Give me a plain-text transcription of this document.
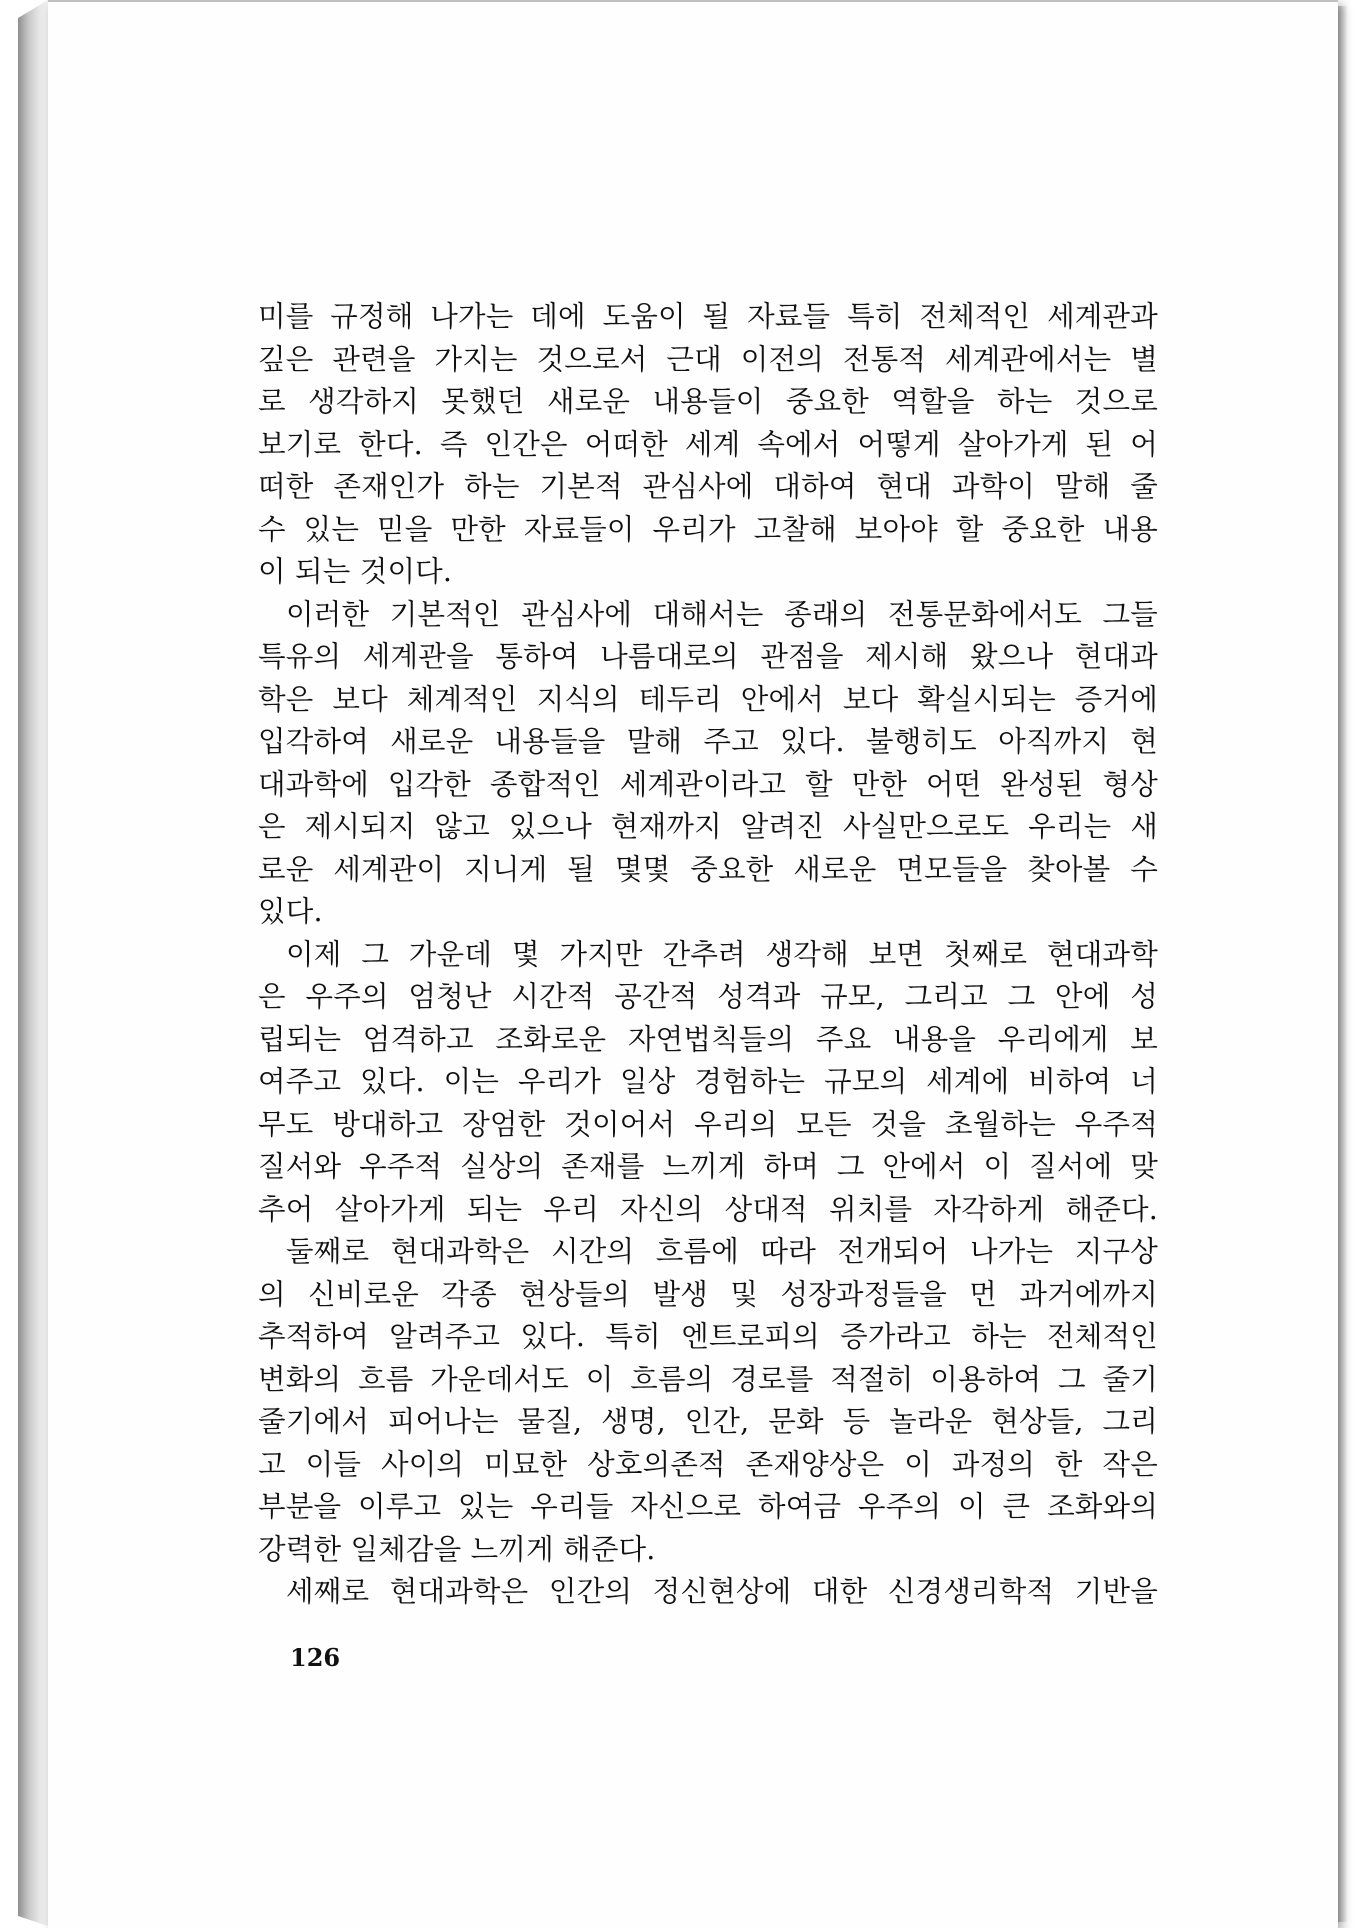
미를 규정해 나가는 데에 도움이 될 자료들 특히 전체적인 세계관과
깊은 관련을 가지는 것으로서 근대 이전의 전통적 세계관에서는 별
로 생각하지 못했던 새로운 내용들이 중요한 역할을 하는 것으로
보기로 한다. 즉 인간은 어떠한 세계 속에서 어떻게 살아가게 된 어
떠한 존재인가 하는 기본적 관심사에 대하여 현대 과학이 말해 줄
수 있는 믿을 만한 자료들이 우리가 고찰해 보아야 할 중요한 내용
이 되는 것이다.
이러한 기본적인 관심사에 대해서는 종래의 전통문화에서도 그들
특유의 세계관을 통하여 나름대로의 관점을 제시해 왔으나 현대과
학은 보다 체계적인 지식의 테두리 안에서 보다 확실시되는 증거에
입각하여 새로운 내용들을 말해 주고 있다. 불행히도 아직까지 현
대과학에 입각한 종합적인 세계관이라고 할 만한 어떤 완성된 형상
은 제시되지 않고 있으나 현재까지 알려진 사실만으로도 우리는 새
로운 세계관이 지니게 될 몇몇 중요한 새로운 면모들을 찾아볼 수
있다.
이제 그 가운데 몇 가지만 간추려 생각해 보면 첫째로 현대과학
은 우주의 엄청난 시간적 공간적 성격과 규모, 그리고 그 안에 성
립되는 엄격하고 조화로운 자연법칙들의 주요 내용을 우리에게 보
여주고 있다. 이는 우리가 일상 경험하는 규모의 세계에 비하여 너
무도 방대하고 장엄한 것이어서 우리의 모든 것을 초월하는 우주적
질서와 우주적 실상의 존재를 느끼게 하며 그 안에서 이 질서에 맞
추어 살아가게 되는 우리 자신의 상대적 위치를 자각하게 해준다.
둘째로 현대과학은 시간의 흐름에 따라 전개되어 나가는 지구상
의 신비로운 각종 현상들의 발생 및 성장과정들을 먼 과거에까지
추적하여 알려주고 있다. 특히 엔트로피의 증가라고 하는 전체적인
변화의 흐름 가운데서도 이 흐름의 경로를 적절히 이용하여 그 줄기
줄기에서 피어나는 물질, 생명, 인간, 문화 등 놀라운 현상들, 그리
고 이들 사이의 미묘한 상호의존적 존재양상은 이 과정의 한 작은
부분을 이루고 있는 우리들 자신으로 하여금 우주의 이 큰 조화와의
강력한 일체감을 느끼게 해준다.
세째로 현대과학은 인간의 정신현상에 대한 신경생리학적 기반을
126
